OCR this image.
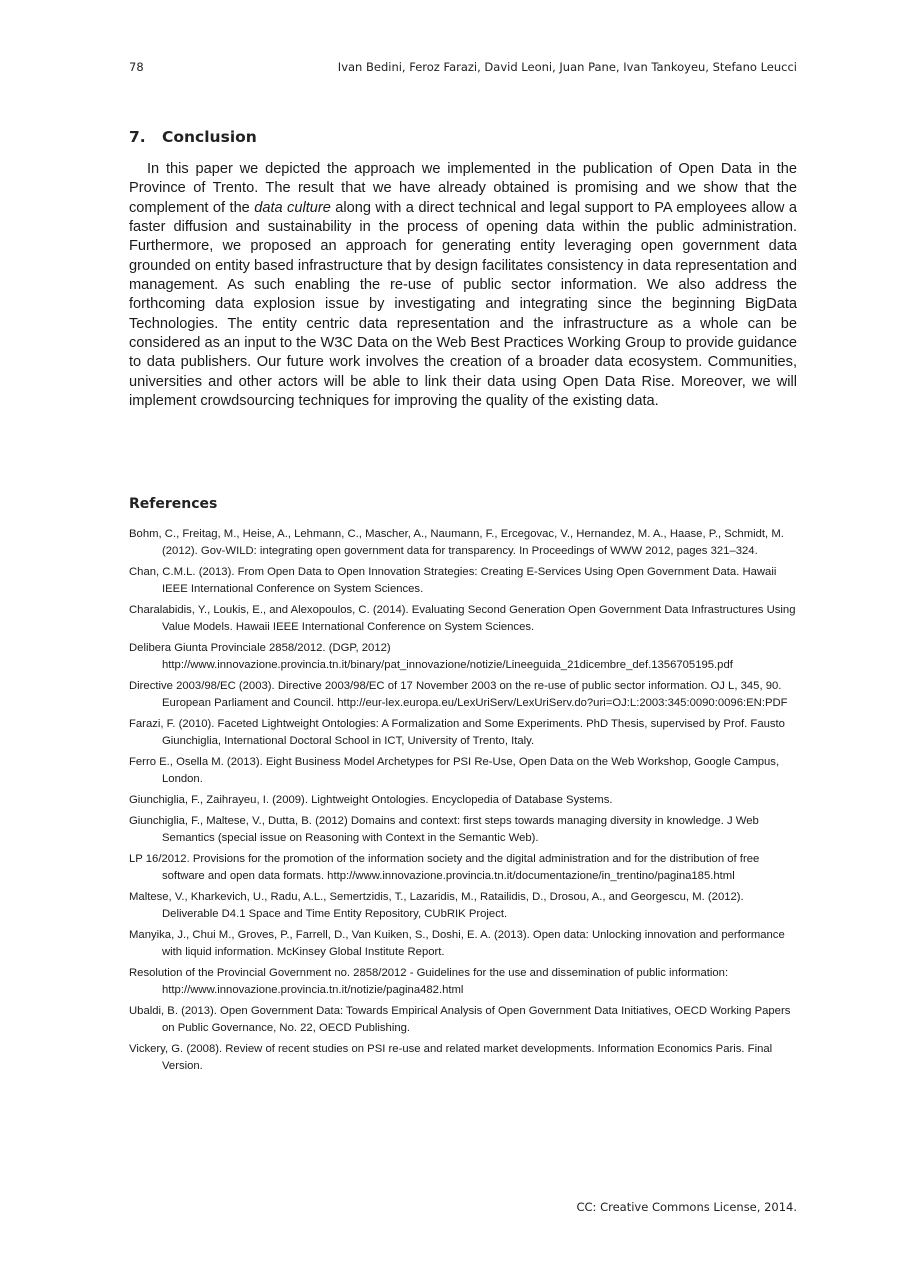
78	Ivan Bedini, Feroz Farazi, David Leoni, Juan Pane, Ivan Tankoyeu, Stefano Leucci
7. Conclusion

In this paper we depicted the approach we implemented in the publication of Open Data in the Province of Trento. The result that we have already obtained is promising and we show that the complement of the data culture along with a direct technical and legal support to PA employees allow a faster diffusion and sustainability in the process of opening data within the public administration. Furthermore, we proposed an approach for generating entity leveraging open government data grounded on entity based infrastructure that by design facilitates consistency in data representation and management. As such enabling the re-use of public sector information. We also address the forthcoming data explosion issue by investigating and integrating since the beginning BigData Technologies. The entity centric data representation and the infrastructure as a whole can be considered as an input to the W3C Data on the Web Best Practices Working Group to provide guidance to data publishers. Our future work involves the creation of a broader data ecosystem. Communities, universities and other actors will be able to link their data using Open Data Rise. Moreover, we will implement crowdsourcing techniques for improving the quality of the existing data.

References
Bohm, C., Freitag, M., Heise, A., Lehmann, C., Mascher, A., Naumann, F., Ercegovac, V., Hernandez, M. A., Haase, P., Schmidt, M. (2012). Gov-WILD: integrating open government data for transparency. In Proceedings of WWW 2012, pages 321–324.
Chan, C.M.L. (2013). From Open Data to Open Innovation Strategies: Creating E-Services Using Open Government Data. Hawaii IEEE International Conference on System Sciences.
Charalabidis, Y., Loukis, E., and Alexopoulos, C. (2014). Evaluating Second Generation Open Government Data Infrastructures Using Value Models. Hawaii IEEE International Conference on System Sciences.
Delibera Giunta Provinciale 2858/2012. (DGP, 2012) http://www.innovazione.provincia.tn.it/binary/pat_innovazione/notizie/Lineeguida_21dicembre_def.1356705195.pdf
Directive 2003/98/EC (2003). Directive 2003/98/EC of 17 November 2003 on the re-use of public sector information. OJ L, 345, 90. European Parliament and Council. http://eur-lex.europa.eu/LexUriServ/LexUriServ.do?uri=OJ:L:2003:345:0090:0096:EN:PDF
Farazi, F. (2010). Faceted Lightweight Ontologies: A Formalization and Some Experiments. PhD Thesis, supervised by Prof. Fausto Giunchiglia, International Doctoral School in ICT, University of Trento, Italy.
Ferro E., Osella M. (2013). Eight Business Model Archetypes for PSI Re-Use, Open Data on the Web Workshop, Google Campus, London.
Giunchiglia, F., Zaihrayeu, I. (2009). Lightweight Ontologies. Encyclopedia of Database Systems.
Giunchiglia, F., Maltese, V., Dutta, B. (2012) Domains and context: first steps towards managing diversity in knowledge. J Web Semantics (special issue on Reasoning with Context in the Semantic Web).
LP 16/2012. Provisions for the promotion of the information society and the digital administration and for the distribution of free software and open data formats. http://www.innovazione.provincia.tn.it/documentazione/in_trentino/pagina185.html
Maltese, V., Kharkevich, U., Radu, A.L., Semertzidis, T., Lazaridis, M., Ratailidis, D., Drosou, A., and Georgescu, M. (2012). Deliverable D4.1 Space and Time Entity Repository, CUbRIK Project.
Manyika, J., Chui M., Groves, P., Farrell, D., Van Kuiken, S., Doshi, E. A. (2013). Open data: Unlocking innovation and performance with liquid information. McKinsey Global Institute Report.
Resolution of the Provincial Government no. 2858/2012 - Guidelines for the use and dissemination of public information: http://www.innovazione.provincia.tn.it/notizie/pagina482.html
Ubaldi, B. (2013). Open Government Data: Towards Empirical Analysis of Open Government Data Initiatives, OECD Working Papers on Public Governance, No. 22, OECD Publishing.
Vickery, G. (2008). Review of recent studies on PSI re-use and related market developments. Information Economics Paris. Final Version.
CC: Creative Commons License, 2014.
